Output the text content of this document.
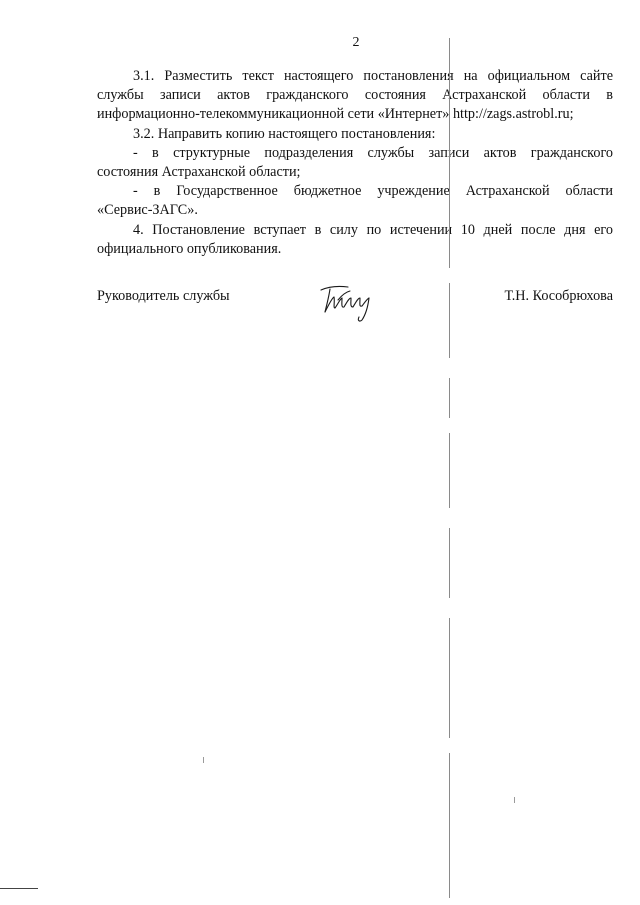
2
3.1. Разместить текст настоящего постановления на официальном сайте
службы записи актов гражданского состояния Астраханской области в
информационно-телекоммуникационной сети «Интернет» http://zags.astrobl.ru;
3.2. Направить копию настоящего постановления:
- в структурные подразделения службы записи актов гражданского
состояния Астраханской области;
- в Государственное бюджетное учреждение Астраханской области
«Сервис-ЗАГС».
4. Постановление вступает в силу по истечении 10 дней после дня его
официального опубликования.
Руководитель службы	Т.Н. Кособрюхова
